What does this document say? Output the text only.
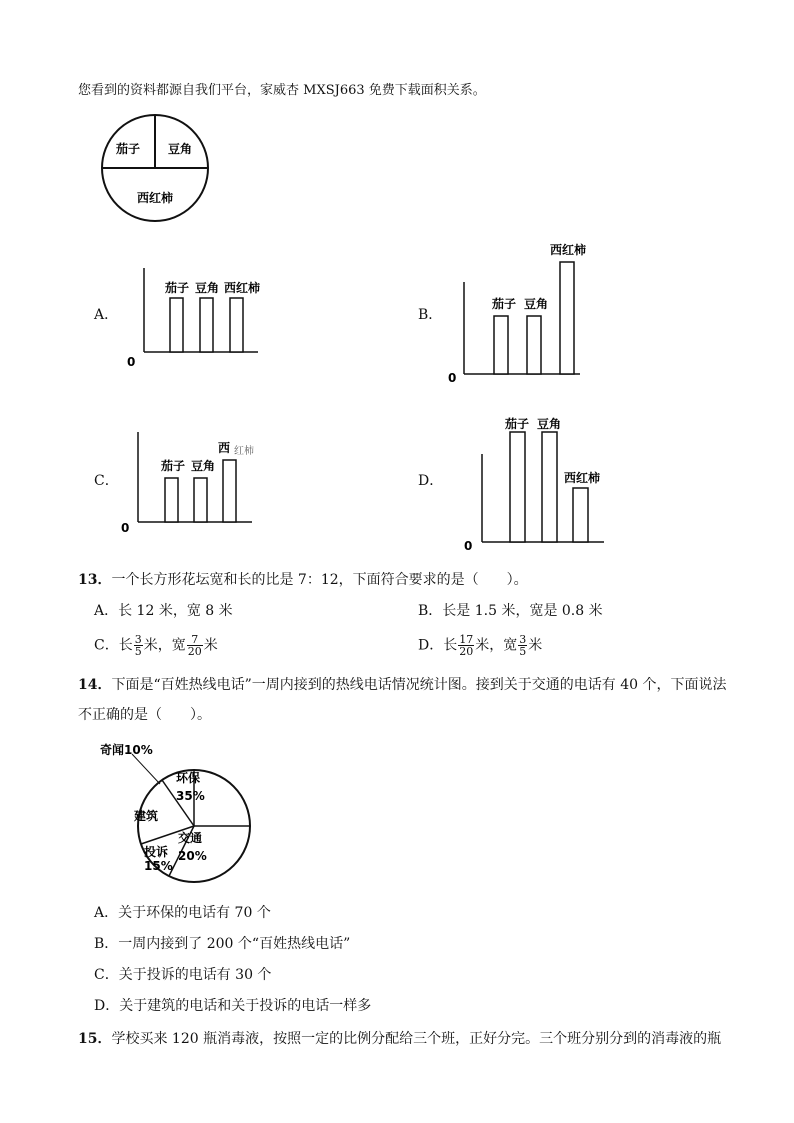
您看到的资料都源自我们平台，家威杏 MXSJ663 免费下载面积关系。
茄子 豆角
西红柿
A．
茄子 豆角 西红柿
0
B．
茄子 豆角
西红柿
0
C．
茄子 豆角
西 红柿
0
D．
茄子 豆角
西红柿
0
13．一个长方形花坛宽和长的比是 7：12，下面符合要求的是（　　）。
A．长 12 米，宽 8 米	B．长是 1.5 米，宽是 0.8 米
C．长 $\frac{3}{5}$ 米，宽 $\frac{7}{20}$ 米	D．长 $\frac{17}{20}$ 米，宽 $\frac{3}{5}$ 米
14．下面是“百姓热线电话”一周内接到的热线电话情况统计图。接到关于交通的电话有 40 个，下面说法
不正确的是（　　）。
奇闻10%
环保
35%
交通
20%
投诉
15%
建筑
A．关于环保的电话有 70 个
B．一周内接到了 200 个“百姓热线电话”
C．关于投诉的电话有 30 个
D．关于建筑的电话和关于投诉的电话一样多
15．学校买来 120 瓶消毒液，按照一定的比例分配给三个班，正好分完。三个班分别分到的消毒液的瓶
